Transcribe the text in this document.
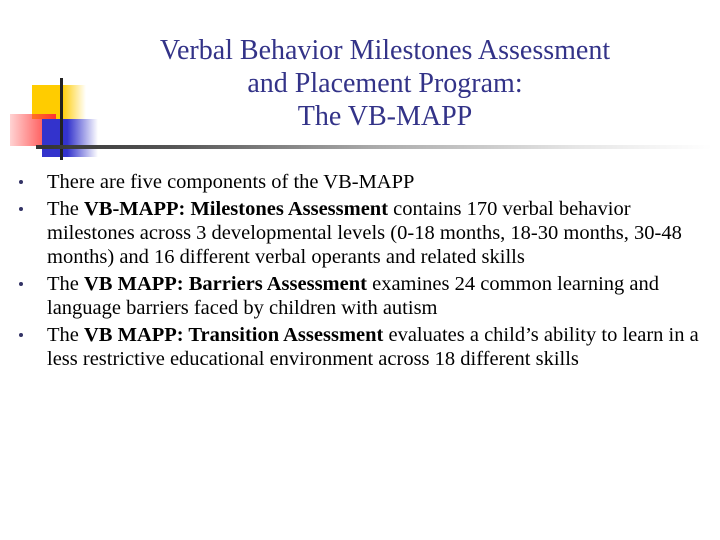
Verbal Behavior Milestones Assessment
and Placement Program:
The VB-MAPP
There are five components of the VB-MAPP
The VB-MAPP: Milestones Assessment contains 170 verbal behavior milestones across 3 developmental levels (0-18 months, 18-30 months, 30-48 months) and 16 different verbal operants and related skills
The VB MAPP: Barriers Assessment examines 24 common learning and language barriers faced by children with autism
The VB MAPP: Transition Assessment evaluates a child’s ability to learn in a less restrictive educational environment across 18 different skills
